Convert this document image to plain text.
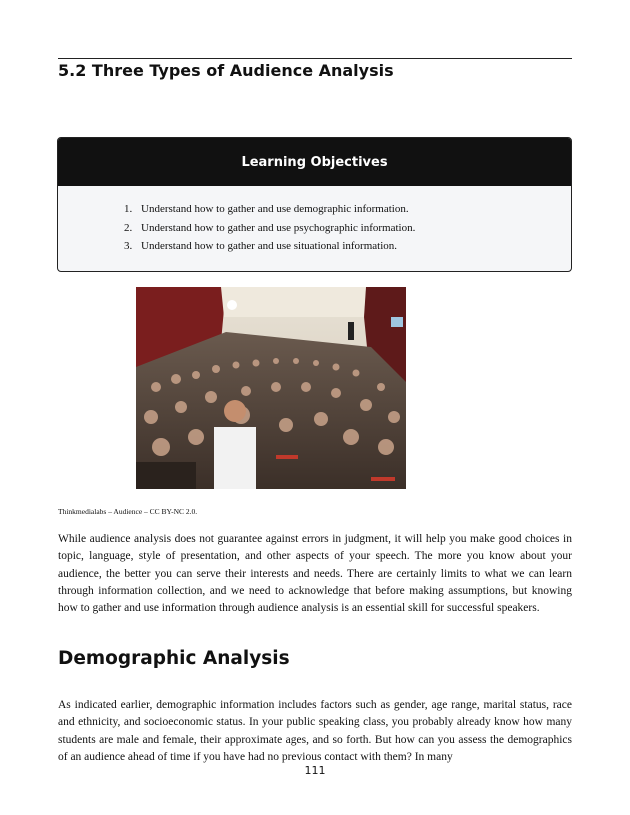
5.2 Three Types of Audience Analysis
Learning Objectives
1. Understand how to gather and use demographic information.
2. Understand how to gather and use psychographic information.
3. Understand how to gather and use situational information.
Thinkmedialabs – Audience – CC BY-NC 2.0.

While audience analysis does not guarantee against errors in judgment, it will help you make good choices in topic, language, style of presentation, and other aspects of your speech. The more you know about your audience, the better you can serve their interests and needs. There are certainly limits to what we can learn through information collection, and we need to acknowledge that before making assumptions, but knowing how to gather and use information through audience analysis is an essential skill for successful speakers.

Demographic Analysis

As indicated earlier, demographic information includes factors such as gender, age range, marital status, race and ethnicity, and socioeconomic status. In your public speaking class, you probably already know how many students are male and female, their approximate ages, and so forth. But how can you assess the demographics of an audience ahead of time if you have had no previous contact with them? In many

111
